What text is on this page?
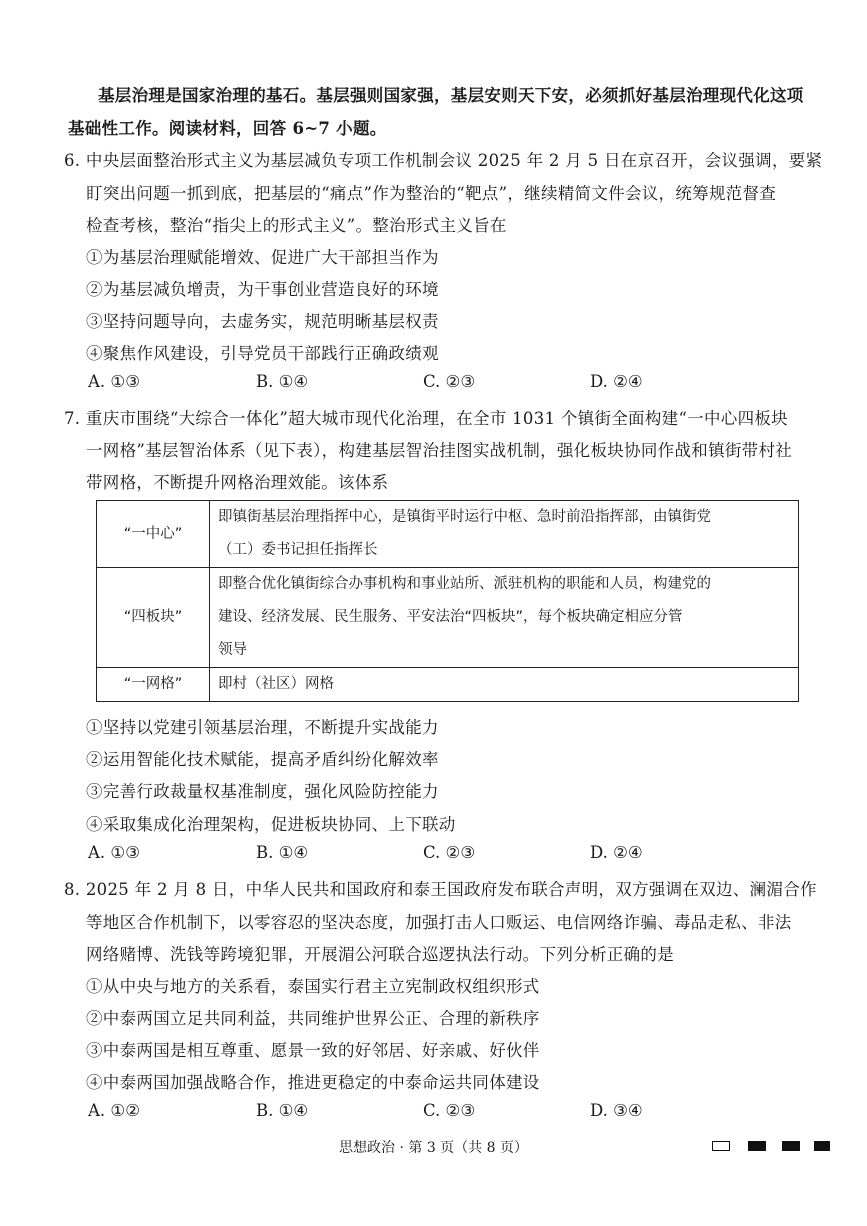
基层治理是国家治理的基石。基层强则国家强，基层安则天下安，必须抓好基层治理现代化这项
基础性工作。阅读材料，回答 6~7 小题。
6. 中央层面整治形式主义为基层减负专项工作机制会议 2025 年 2 月 5 日在京召开，会议强调，要紧
盯突出问题一抓到底，把基层的“痛点”作为整治的“靶点”，继续精简文件会议，统筹规范督查
检查考核，整治“指尖上的形式主义”。整治形式主义旨在
①为基层治理赋能增效、促进广大干部担当作为
②为基层减负增责，为干事创业营造良好的环境
③坚持问题导向，去虚务实，规范明晰基层权责
④聚焦作风建设，引导党员干部践行正确政绩观
A. ①③	B. ①④	C. ②③	D. ②④
7. 重庆市围绕“大综合一体化”超大城市现代化治理，在全市 1031 个镇街全面构建“一中心四板块
一网格”基层智治体系（见下表），构建基层智治挂图实战机制，强化板块协同作战和镇街带村社
带网格，不断提升网格治理效能。该体系
“一中心”	即镇街基层治理指挥中心，是镇街平时运行中枢、急时前沿指挥部，由镇街党
（工）委书记担任指挥长

“四板块”	即整合优化镇街综合办事机构和事业站所、派驻机构的职能和人员，构建党的
建设、经济发展、民生服务、平安法治“四板块”，每个板块确定相应分管
领导

“一网格”	即村（社区）网格
①坚持以党建引领基层治理，不断提升实战能力
②运用智能化技术赋能，提高矛盾纠纷化解效率
③完善行政裁量权基准制度，强化风险防控能力
④采取集成化治理架构，促进板块协同、上下联动
A. ①③	B. ①④	C. ②③	D. ②④
8. 2025 年 2 月 8 日，中华人民共和国政府和泰王国政府发布联合声明，双方强调在双边、澜湄合作
等地区合作机制下，以零容忍的坚决态度，加强打击人口贩运、电信网络诈骗、毒品走私、非法
网络赌博、洗钱等跨境犯罪，开展湄公河联合巡逻执法行动。下列分析正确的是
①从中央与地方的关系看，泰国实行君主立宪制政权组织形式
②中泰两国立足共同利益，共同维护世界公正、合理的新秩序
③中泰两国是相互尊重、愿景一致的好邻居、好亲戚、好伙伴
④中泰两国加强战略合作，推进更稳定的中泰命运共同体建设
A. ①②	B. ①④	C. ②③	D. ③④
思想政治 · 第 3 页（共 8 页）
